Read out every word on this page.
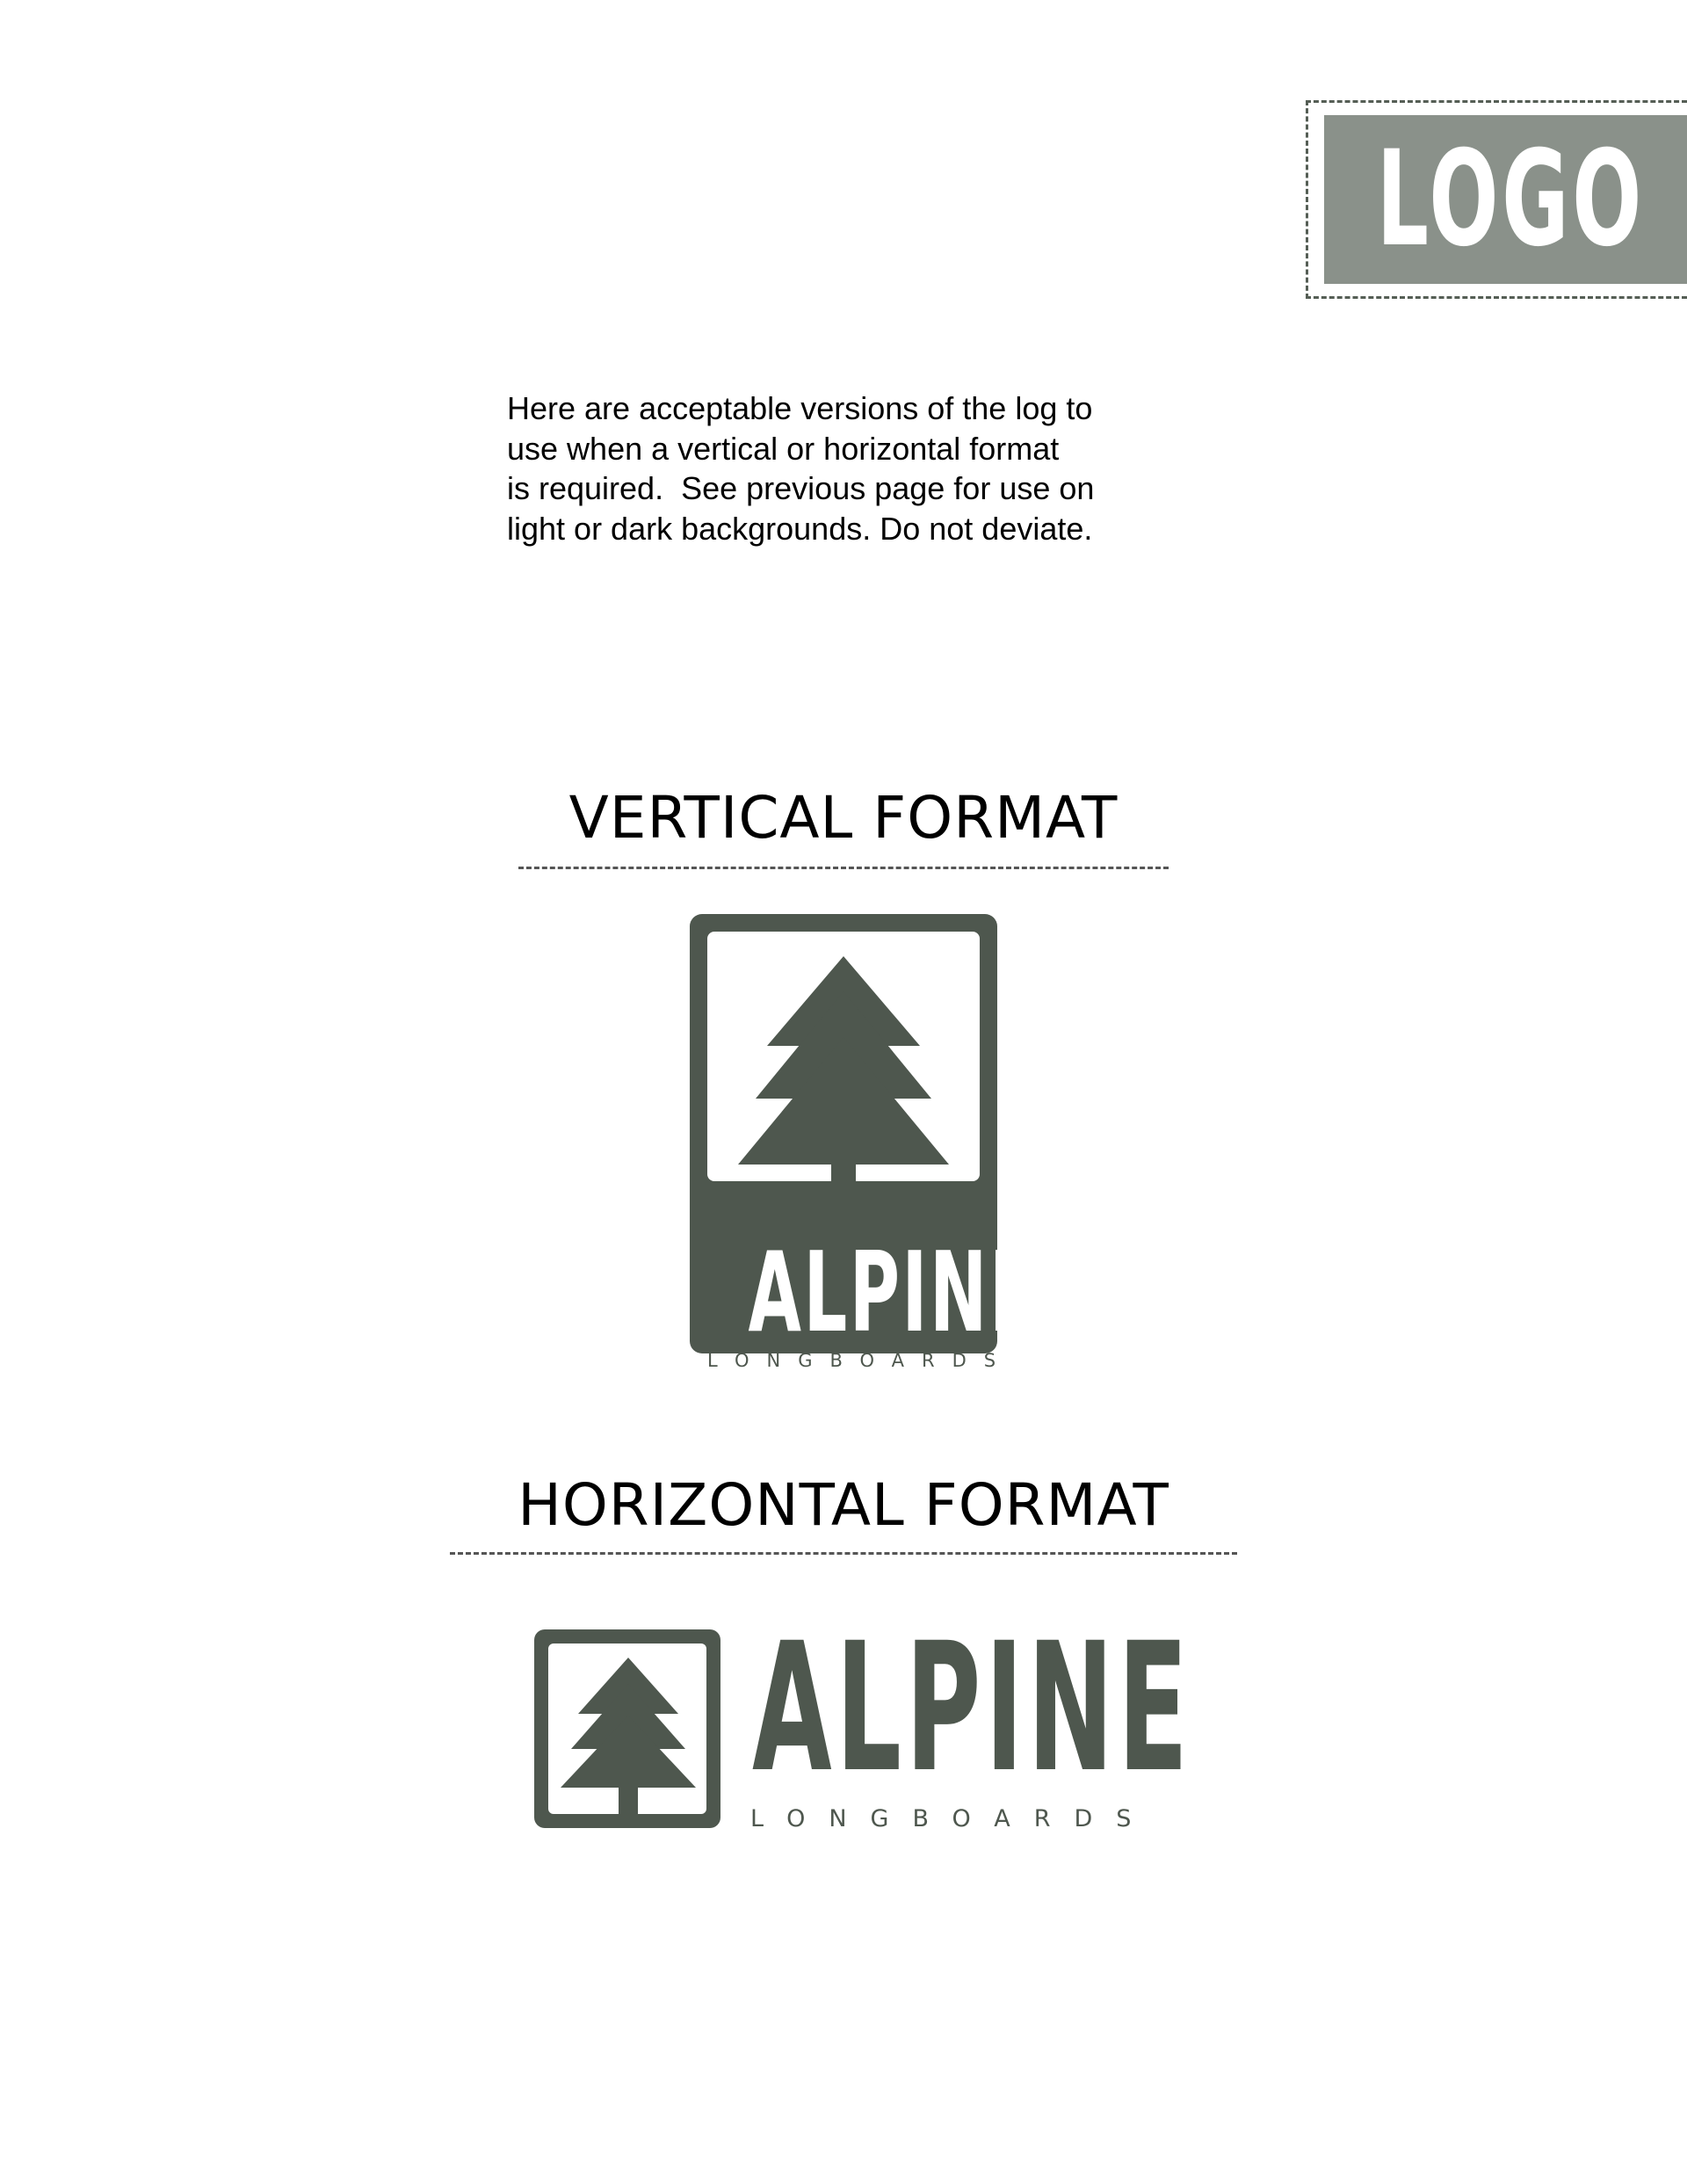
LOGO
Here are acceptable versions of the log to
use when a vertical or horizontal format
is required.  See previous page for use on
light or dark backgrounds. Do not deviate.
VERTICAL FORMAT
ALPINE
LONGBOARDS
HORIZONTAL FORMAT
ALPINE
LONGBOARDS
